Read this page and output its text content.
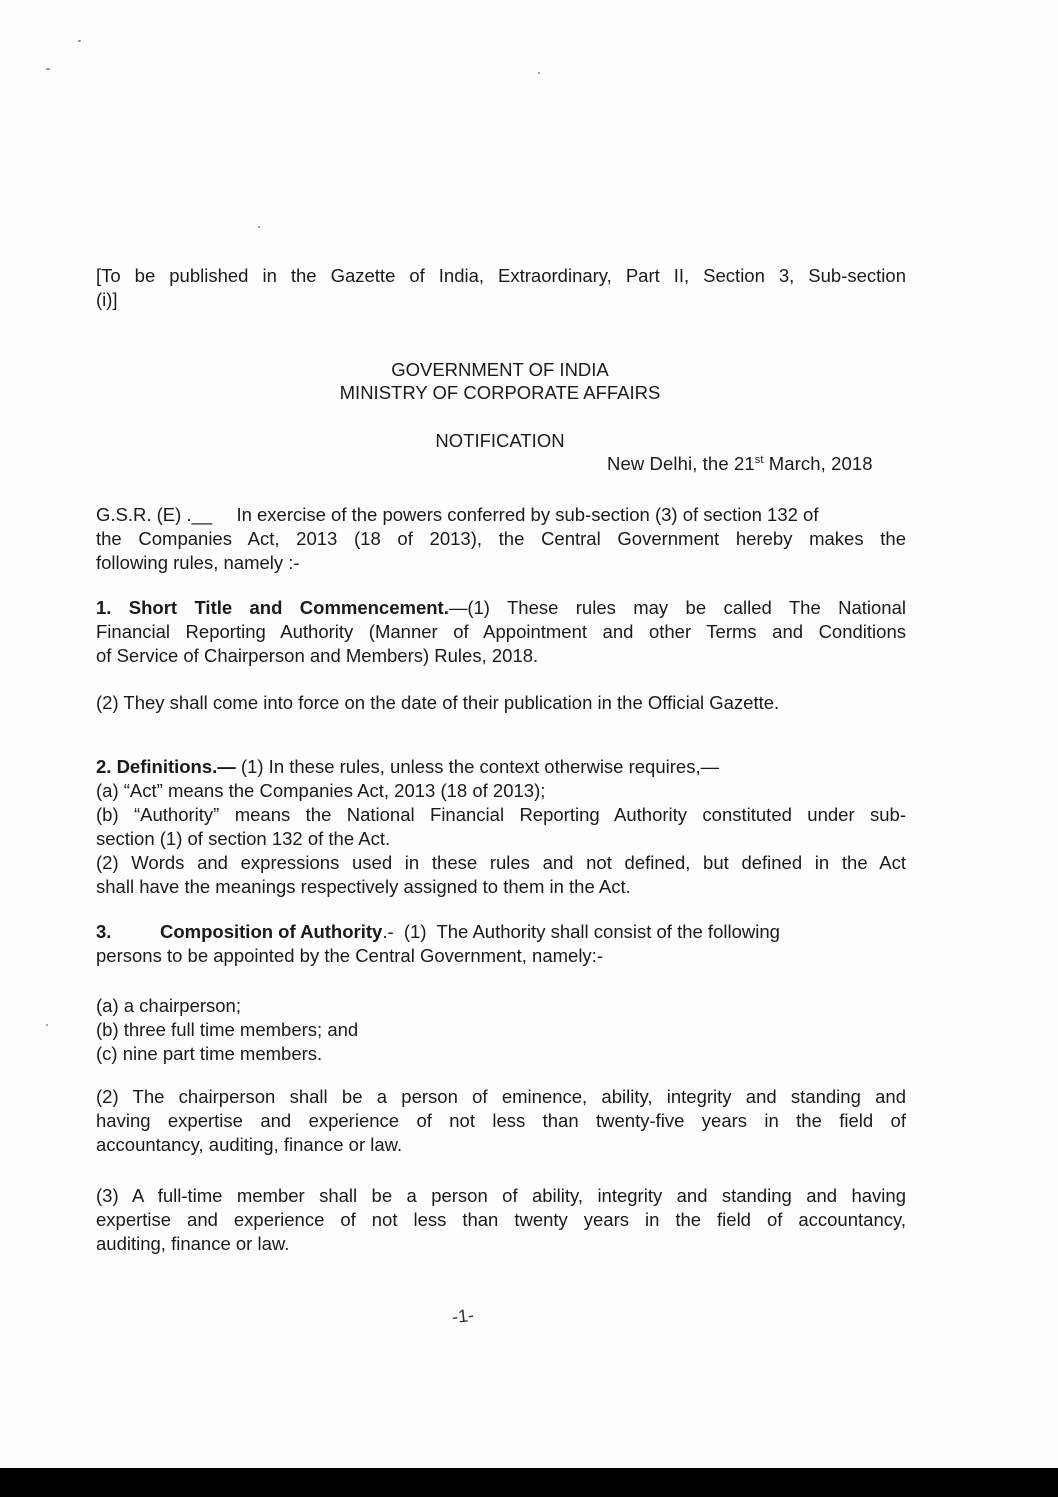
[To be published in the Gazette of India, Extraordinary, Part II, Section 3, Sub-section
(i)]
GOVERNMENT OF INDIA
MINISTRY OF CORPORATE AFFAIRS
NOTIFICATION
New Delhi, the 21st March, 2018
G.S.R. (E) .__ In exercise of the powers conferred by sub-section (3) of section 132 of
the Companies Act, 2013 (18 of 2013), the Central Government hereby makes the
following rules, namely :-
1. Short Title and Commencement.—(1) These rules may be called The National
Financial Reporting Authority (Manner of Appointment and other Terms and Conditions
of Service of Chairperson and Members) Rules, 2018.
(2) They shall come into force on the date of their publication in the Official Gazette.
2. Definitions.— (1) In these rules, unless the context otherwise requires,—
(a) “Act” means the Companies Act, 2013 (18 of 2013);
(b) “Authority” means the National Financial Reporting Authority constituted under sub-
section (1) of section 132 of the Act.
(2) Words and expressions used in these rules and not defined, but defined in the Act
shall have the meanings respectively assigned to them in the Act.
3.	Composition of Authority .-  (1)  The Authority shall consist of the following
persons to be appointed by the Central Government, namely:-
(a) a chairperson;
(b) three full time members; and
(c) nine part time members.
(2) The chairperson shall be a person of eminence, ability, integrity and standing and
having expertise and experience of not less than twenty-five years in the field of
accountancy, auditing, finance or law.
(3) A full-time member shall be a person of ability, integrity and standing and having
expertise and experience of not less than twenty years in the field of accountancy,
auditing, finance or law.
-1-
